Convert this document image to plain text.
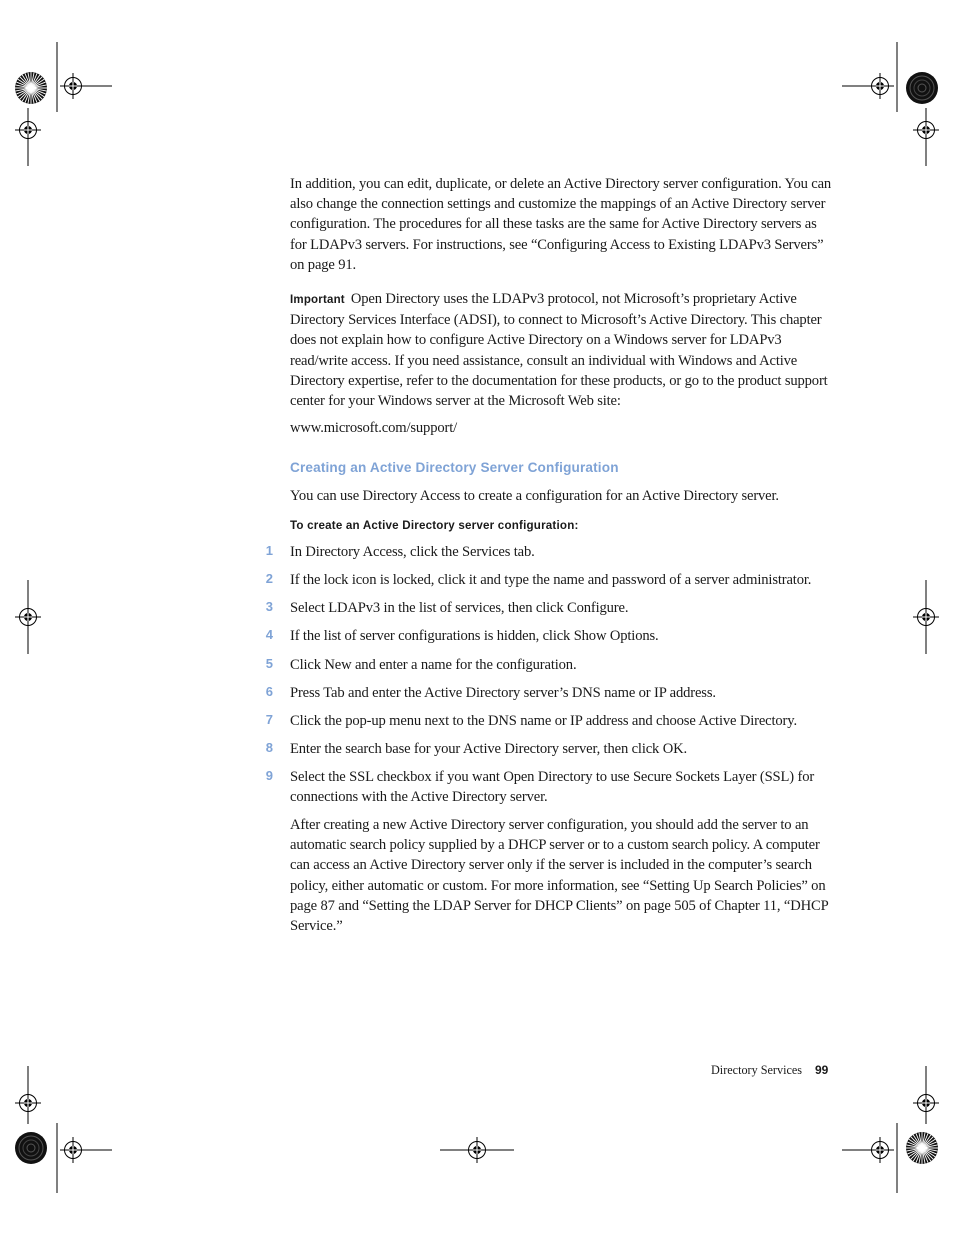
In addition, you can edit, duplicate, or delete an Active Directory server configuration. You can also change the connection settings and customize the mappings of an Active Directory server configuration. The procedures for all these tasks are the same for Active Directory servers as for LDAPv3 servers. For instructions, see “Configuring Access to Existing LDAPv3 Servers” on page 91.

Important Open Directory uses the LDAPv3 protocol, not Microsoft’s proprietary Active Directory Services Interface (ADSI), to connect to Microsoft’s Active Directory. This chapter does not explain how to configure Active Directory on a Windows server for LDAPv3 read/write access. If you need assistance, consult an individual with Windows and Active Directory expertise, refer to the documentation for these products, or go to the product support center for your Windows server at the Microsoft Web site:

www.microsoft.com/support/

Creating an Active Directory Server Configuration

You can use Directory Access to create a configuration for an Active Directory server.

To create an Active Directory server configuration:
1 In Directory Access, click the Services tab.
2 If the lock icon is locked, click it and type the name and password of a server administrator.
3 Select LDAPv3 in the list of services, then click Configure.
4 If the list of server configurations is hidden, click Show Options.
5 Click New and enter a name for the configuration.
6 Press Tab and enter the Active Directory server’s DNS name or IP address.
7 Click the pop-up menu next to the DNS name or IP address and choose Active Directory.
8 Enter the search base for your Active Directory server, then click OK.
9 Select the SSL checkbox if you want Open Directory to use Secure Sockets Layer (SSL) for connections with the Active Directory server.

After creating a new Active Directory server configuration, you should add the server to an automatic search policy supplied by a DHCP server or to a custom search policy. A computer can access an Active Directory server only if the server is included in the computer’s search policy, either automatic or custom. For more information, see “Setting Up Search Policies” on page 87 and “Setting the LDAP Server for DHCP Clients” on page 505 of Chapter 11, “DHCP Service.”

Directory Services 99
